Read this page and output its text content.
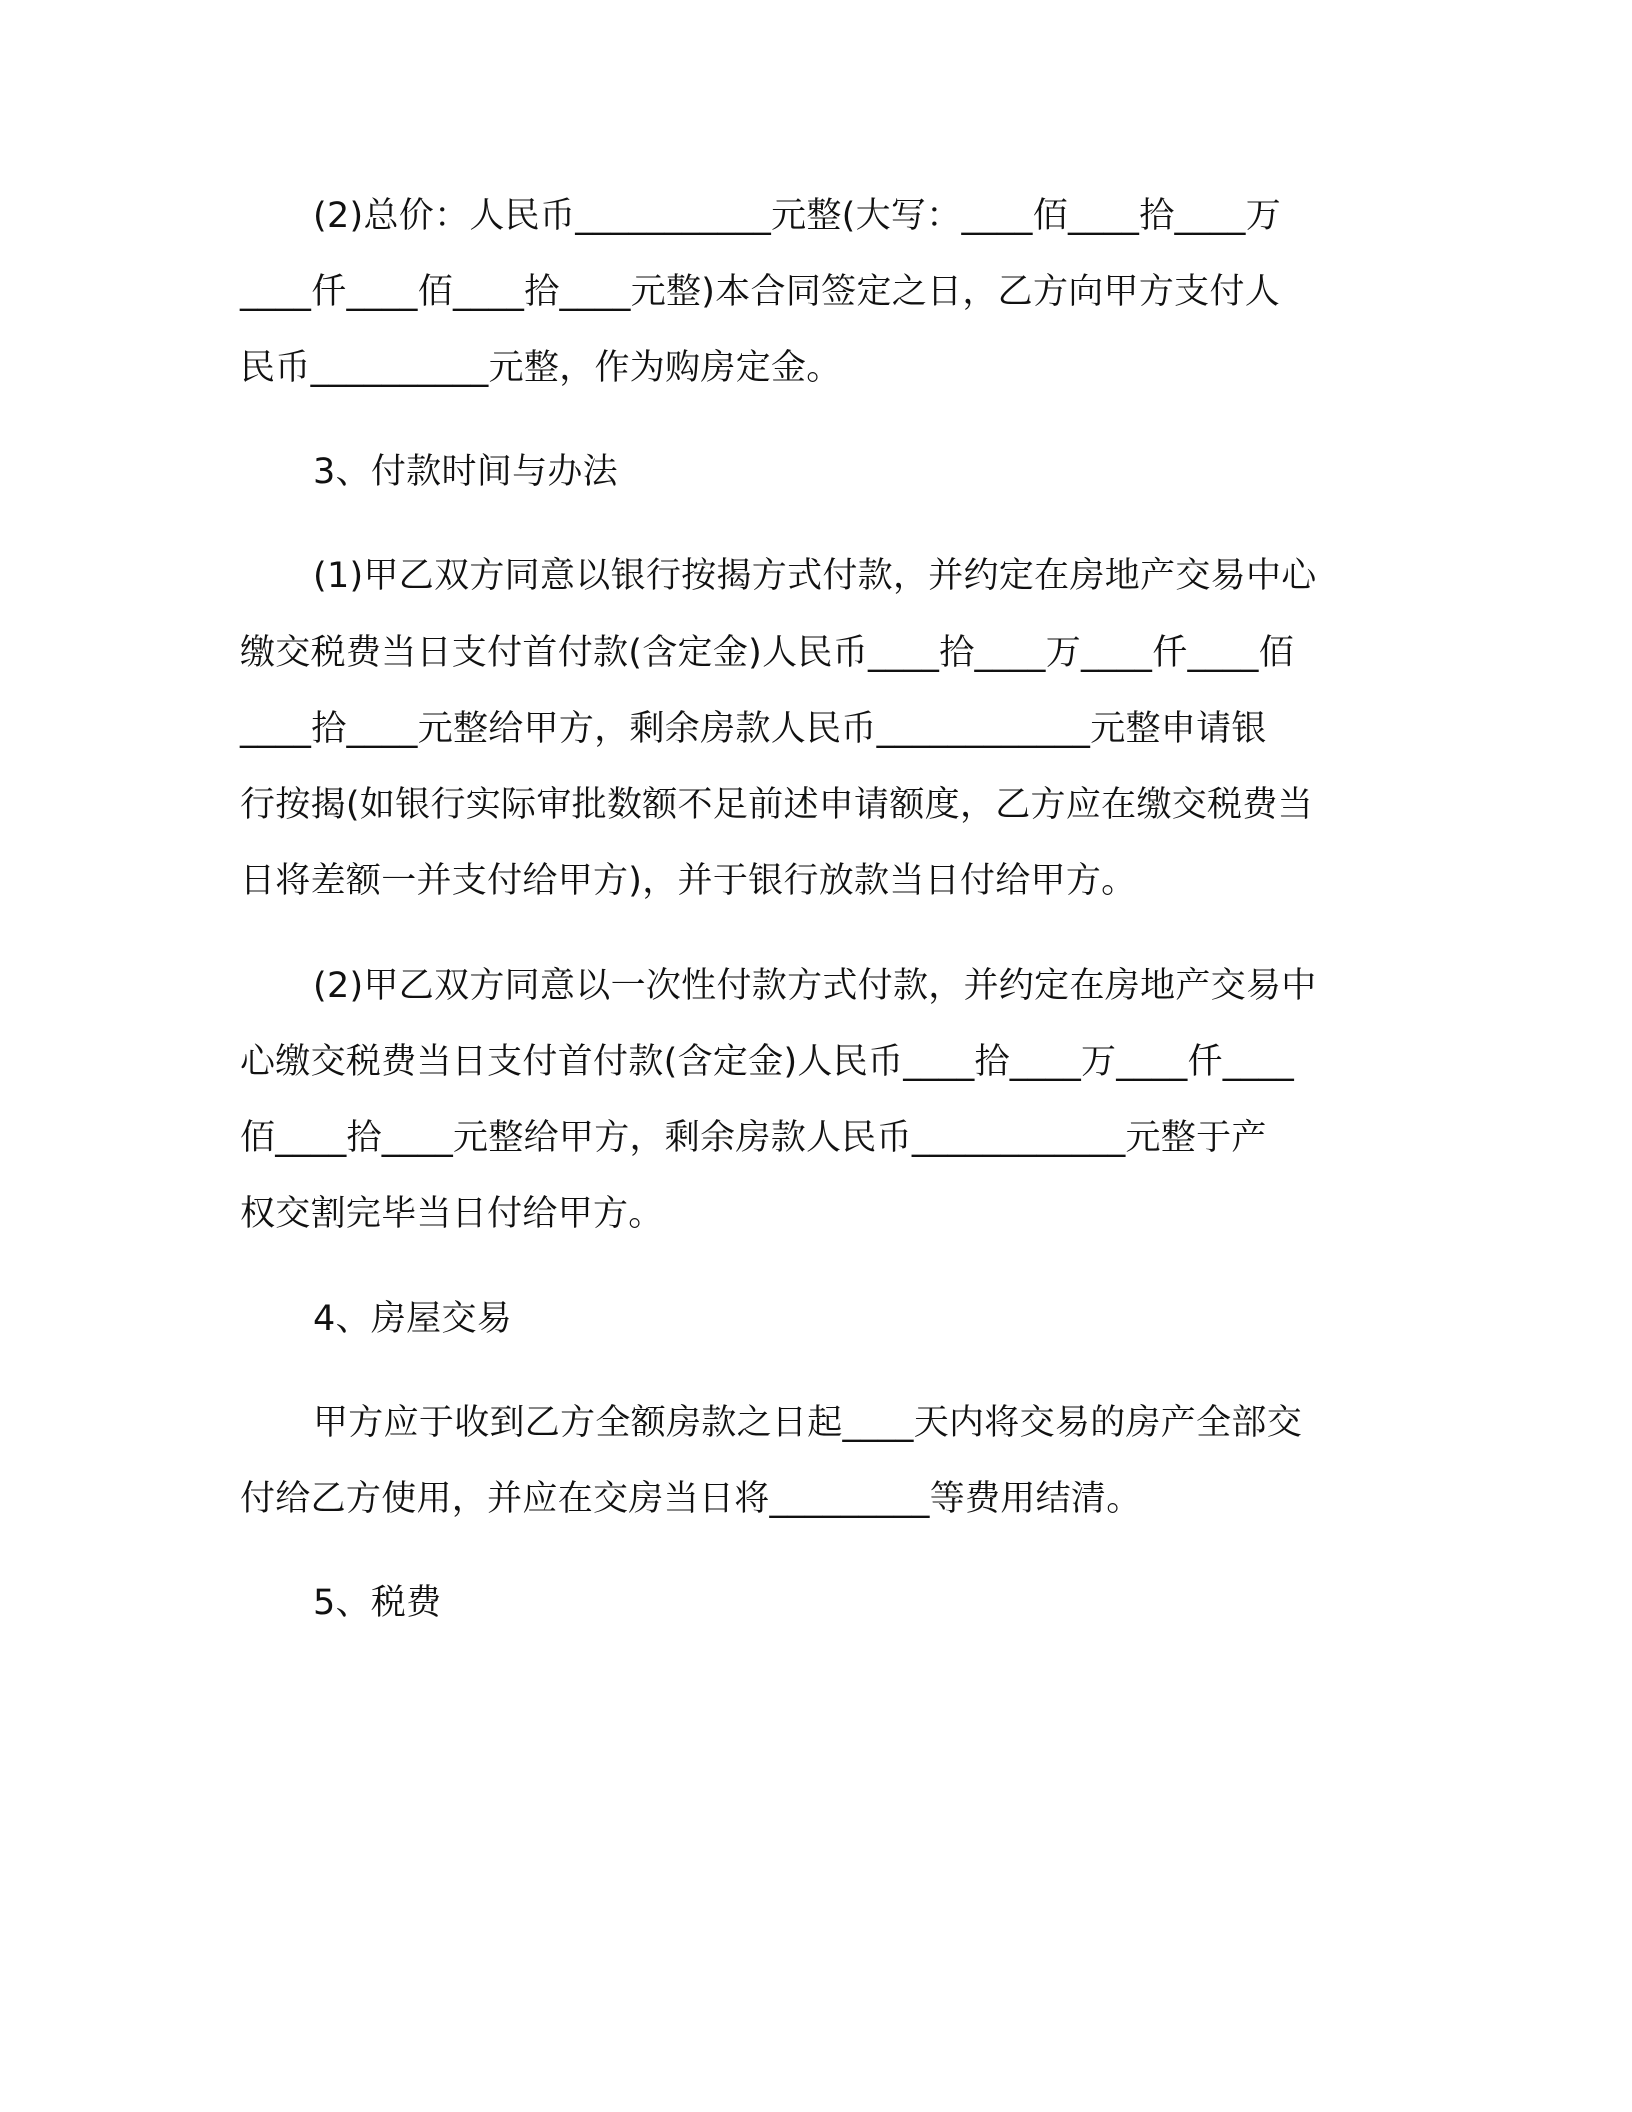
(2)总价：人民币___________元整(大写：____佰____拾____万
____仟____佰____拾____元整)本合同签定之日，乙方向甲方支付人
民币__________元整，作为购房定金。
3、付款时间与办法
(1)甲乙双方同意以银行按揭方式付款，并约定在房地产交易中心
缴交税费当日支付首付款(含定金)人民币____拾____万____仟____佰
____拾____元整给甲方，剩余房款人民币____________元整申请银
行按揭(如银行实际审批数额不足前述申请额度，乙方应在缴交税费当
日将差额一并支付给甲方)，并于银行放款当日付给甲方。
(2)甲乙双方同意以一次性付款方式付款，并约定在房地产交易中
心缴交税费当日支付首付款(含定金)人民币____拾____万____仟____
佰____拾____元整给甲方，剩余房款人民币____________元整于产
权交割完毕当日付给甲方。
4、房屋交易
甲方应于收到乙方全额房款之日起____天内将交易的房产全部交
付给乙方使用，并应在交房当日将_________等费用结清。
5、税费
